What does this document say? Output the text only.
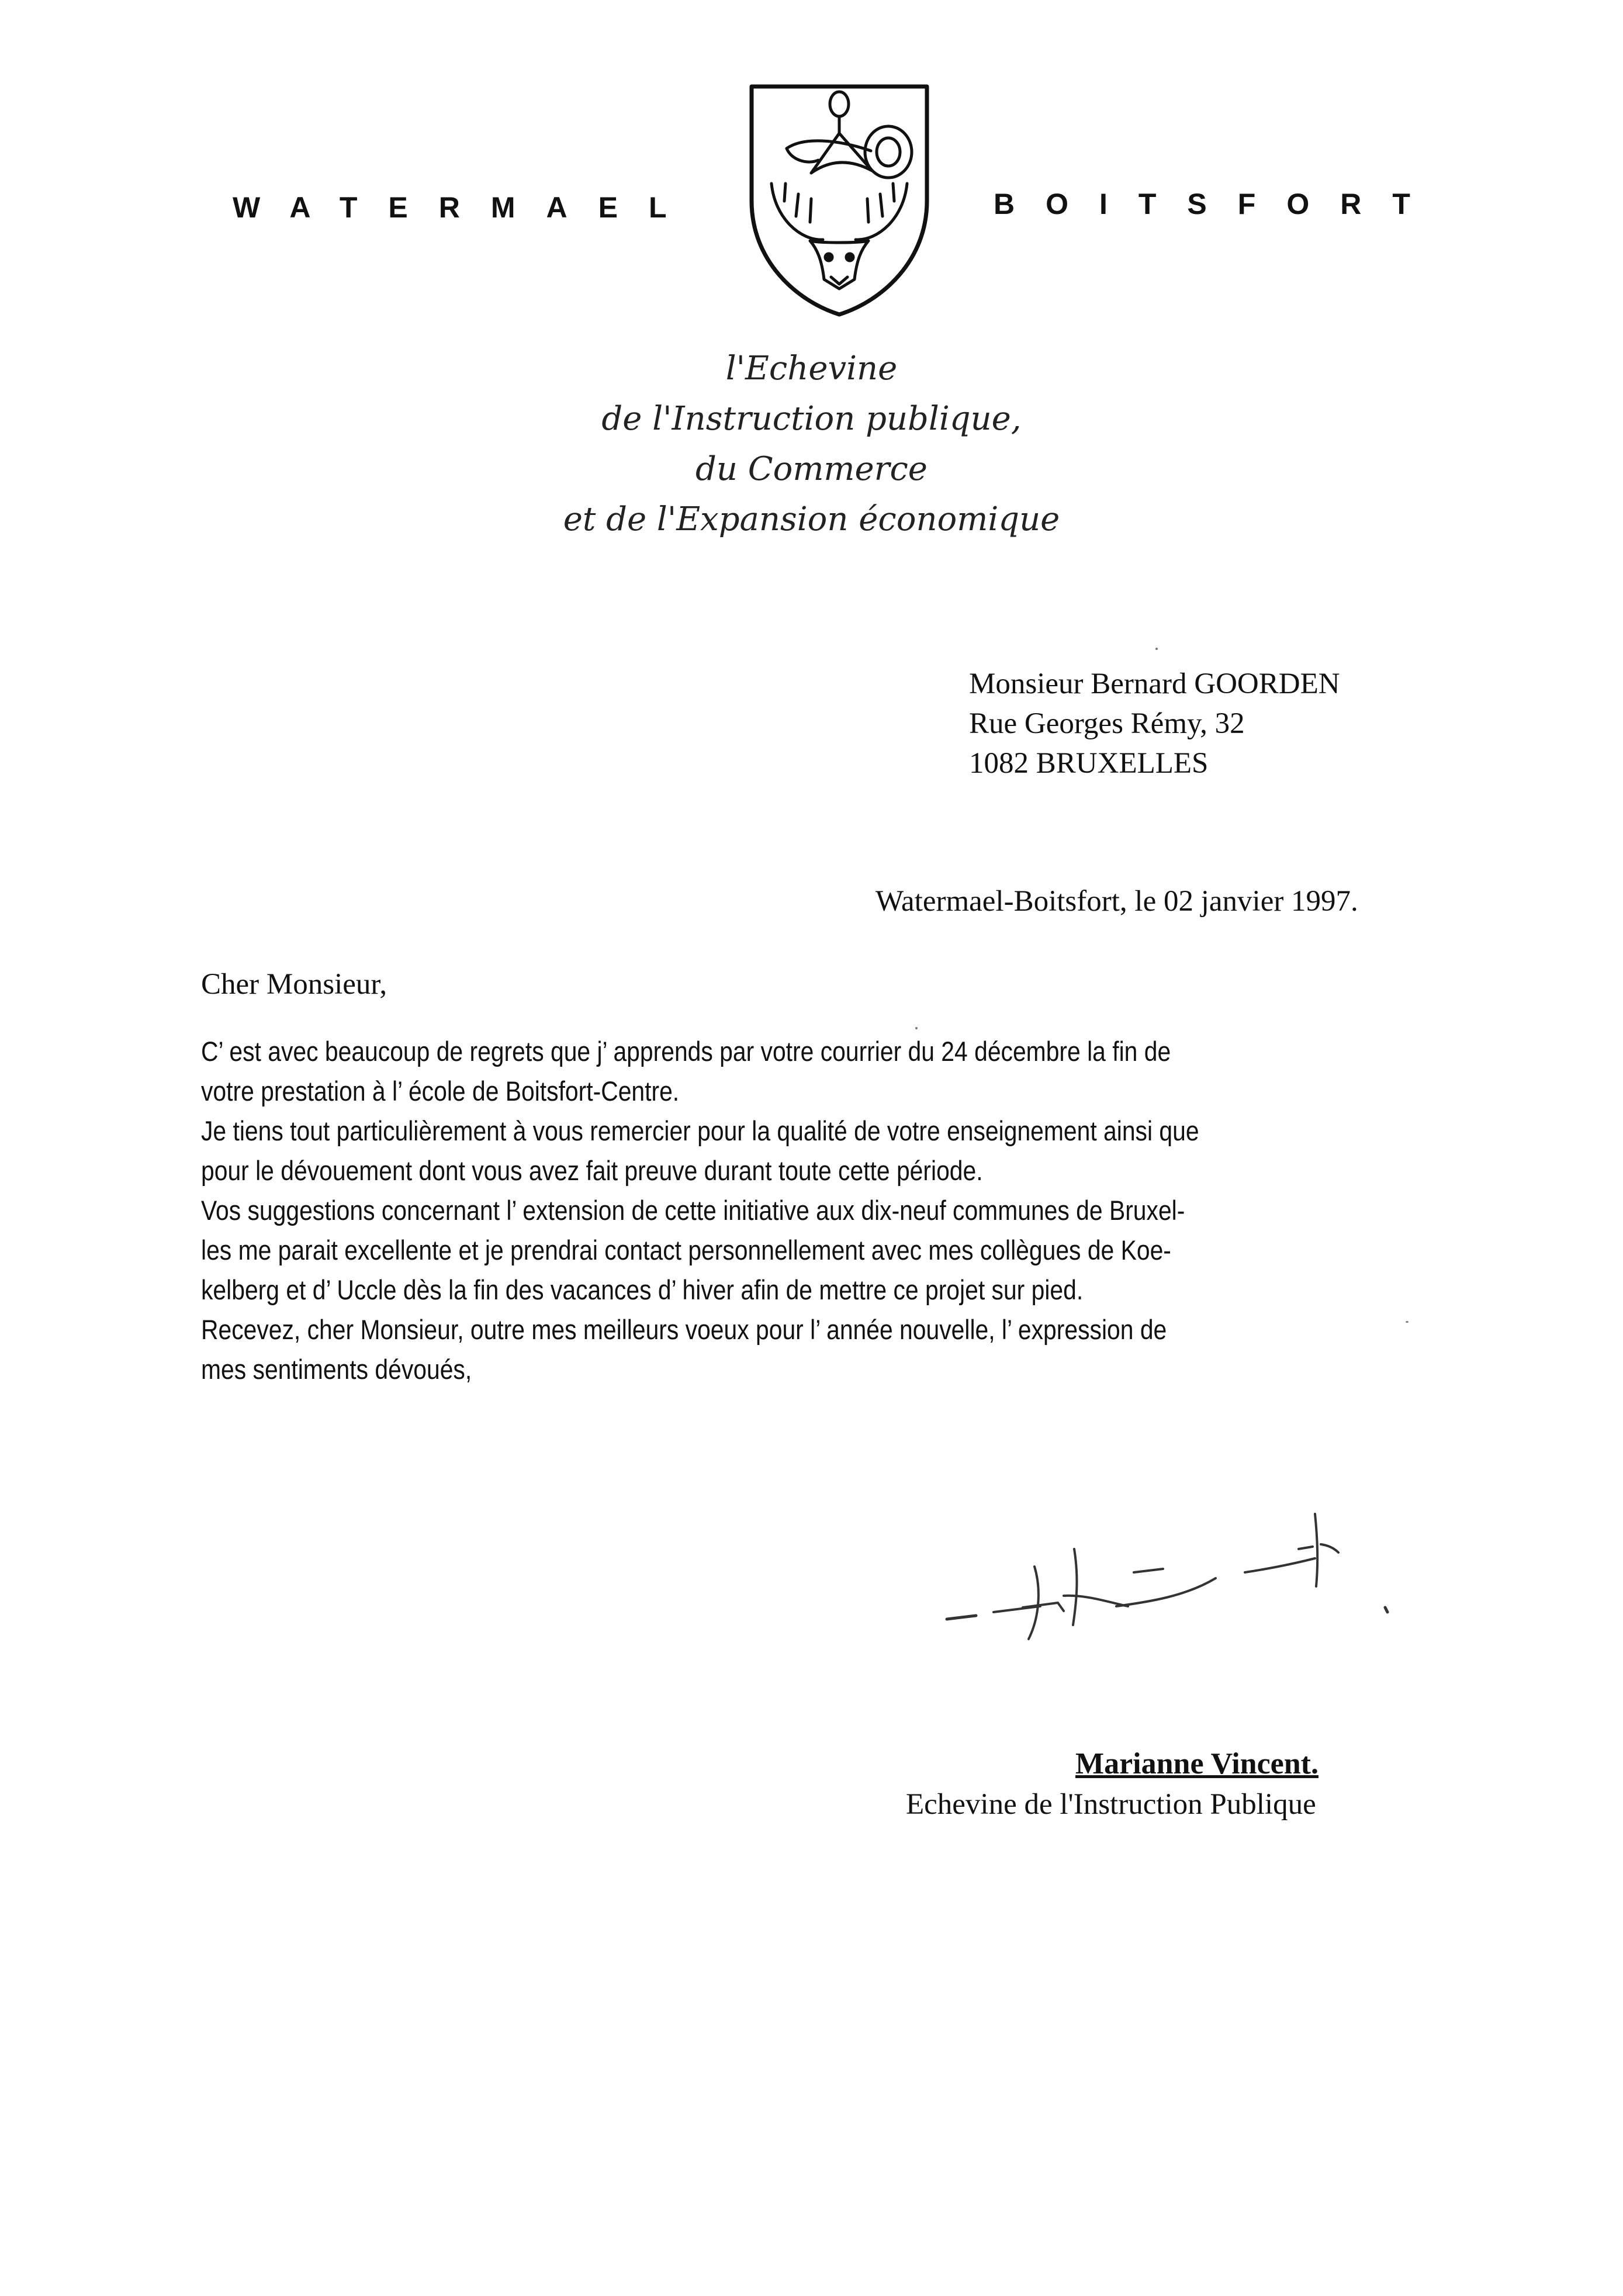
WATERMAEL	BOITSFORT
l'Echevine
de l'Instruction publique,
du Commerce
et de l'Expansion économique
Monsieur Bernard GOORDEN
Rue Georges Rémy, 32
1082 BRUXELLES
Watermael-Boitsfort, le 02 janvier 1997.
Cher Monsieur,
C’ est avec beaucoup de regrets que j’ apprends par votre courrier du 24 décembre la fin de
votre prestation à l’ école de Boitsfort-Centre.
Je tiens tout particulièrement à vous remercier pour la qualité de votre enseignement ainsi que
pour le dévouement dont vous avez fait preuve durant toute cette période.
Vos suggestions concernant l’ extension de cette initiative aux dix-neuf communes de Bruxel-
les me parait excellente et je prendrai contact personnellement avec mes collègues de Koe-
kelberg et d’ Uccle dès la fin des vacances d’ hiver afin de mettre ce projet sur pied.
Recevez, cher Monsieur, outre mes meilleurs voeux pour l’ année nouvelle, l’ expression de
mes sentiments dévoués,
Marianne Vincent.
Echevine de l'Instruction Publique
